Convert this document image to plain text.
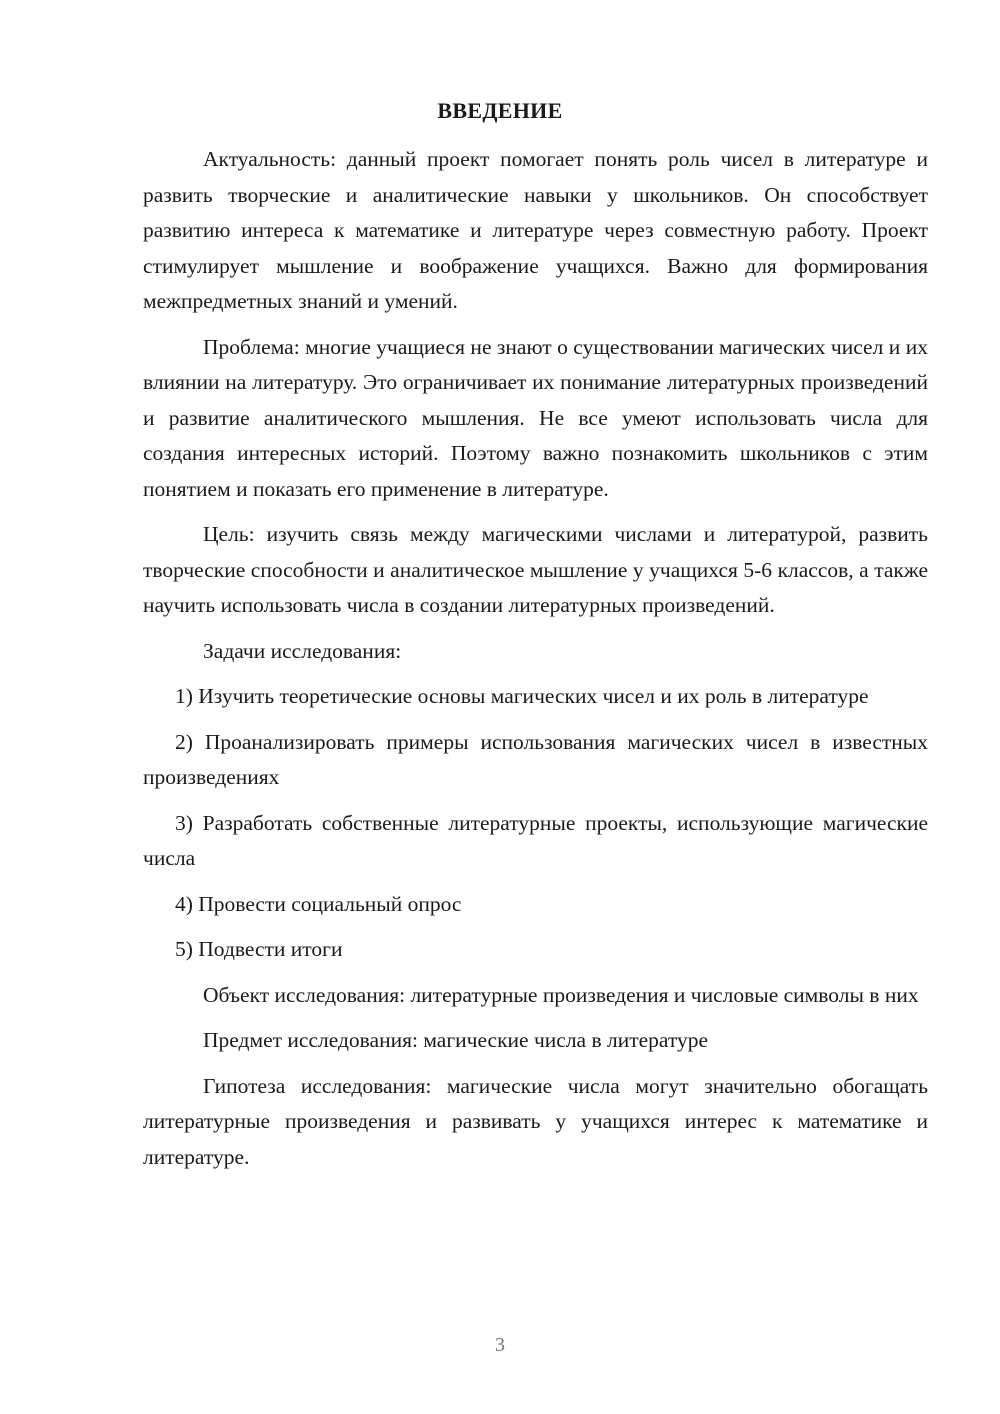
ВВЕДЕНИЕ

Актуальность: данный проект помогает понять роль чисел в литературе и развить творческие и аналитические навыки у школьников. Он способствует развитию интереса к математике и литературе через совместную работу. Проект стимулирует мышление и воображение учащихся. Важно для формирования межпредметных знаний и умений.

Проблема: многие учащиеся не знают о существовании магических чисел и их влиянии на литературу. Это ограничивает их понимание литературных произведений и развитие аналитического мышления. Не все умеют использовать числа для создания интересных историй. Поэтому важно познакомить школьников с этим понятием и показать его применение в литературе.

Цель: изучить связь между магическими числами и литературой, развить творческие способности и аналитическое мышление у учащихся 5-6 классов, а также научить использовать числа в создании литературных произведений.

Задачи исследования:

1) Изучить теоретические основы магических чисел и их роль в литературе

2) Проанализировать примеры использования магических чисел в известных произведениях

3) Разработать собственные литературные проекты, использующие магические числа

4) Провести социальный опрос

5) Подвести итоги

Объект исследования: литературные произведения и числовые символы в них

Предмет исследования: магические числа в литературе

Гипотеза исследования: магические числа могут значительно обогащать литературные произведения и развивать у учащихся интерес к математике и литературе.

3
